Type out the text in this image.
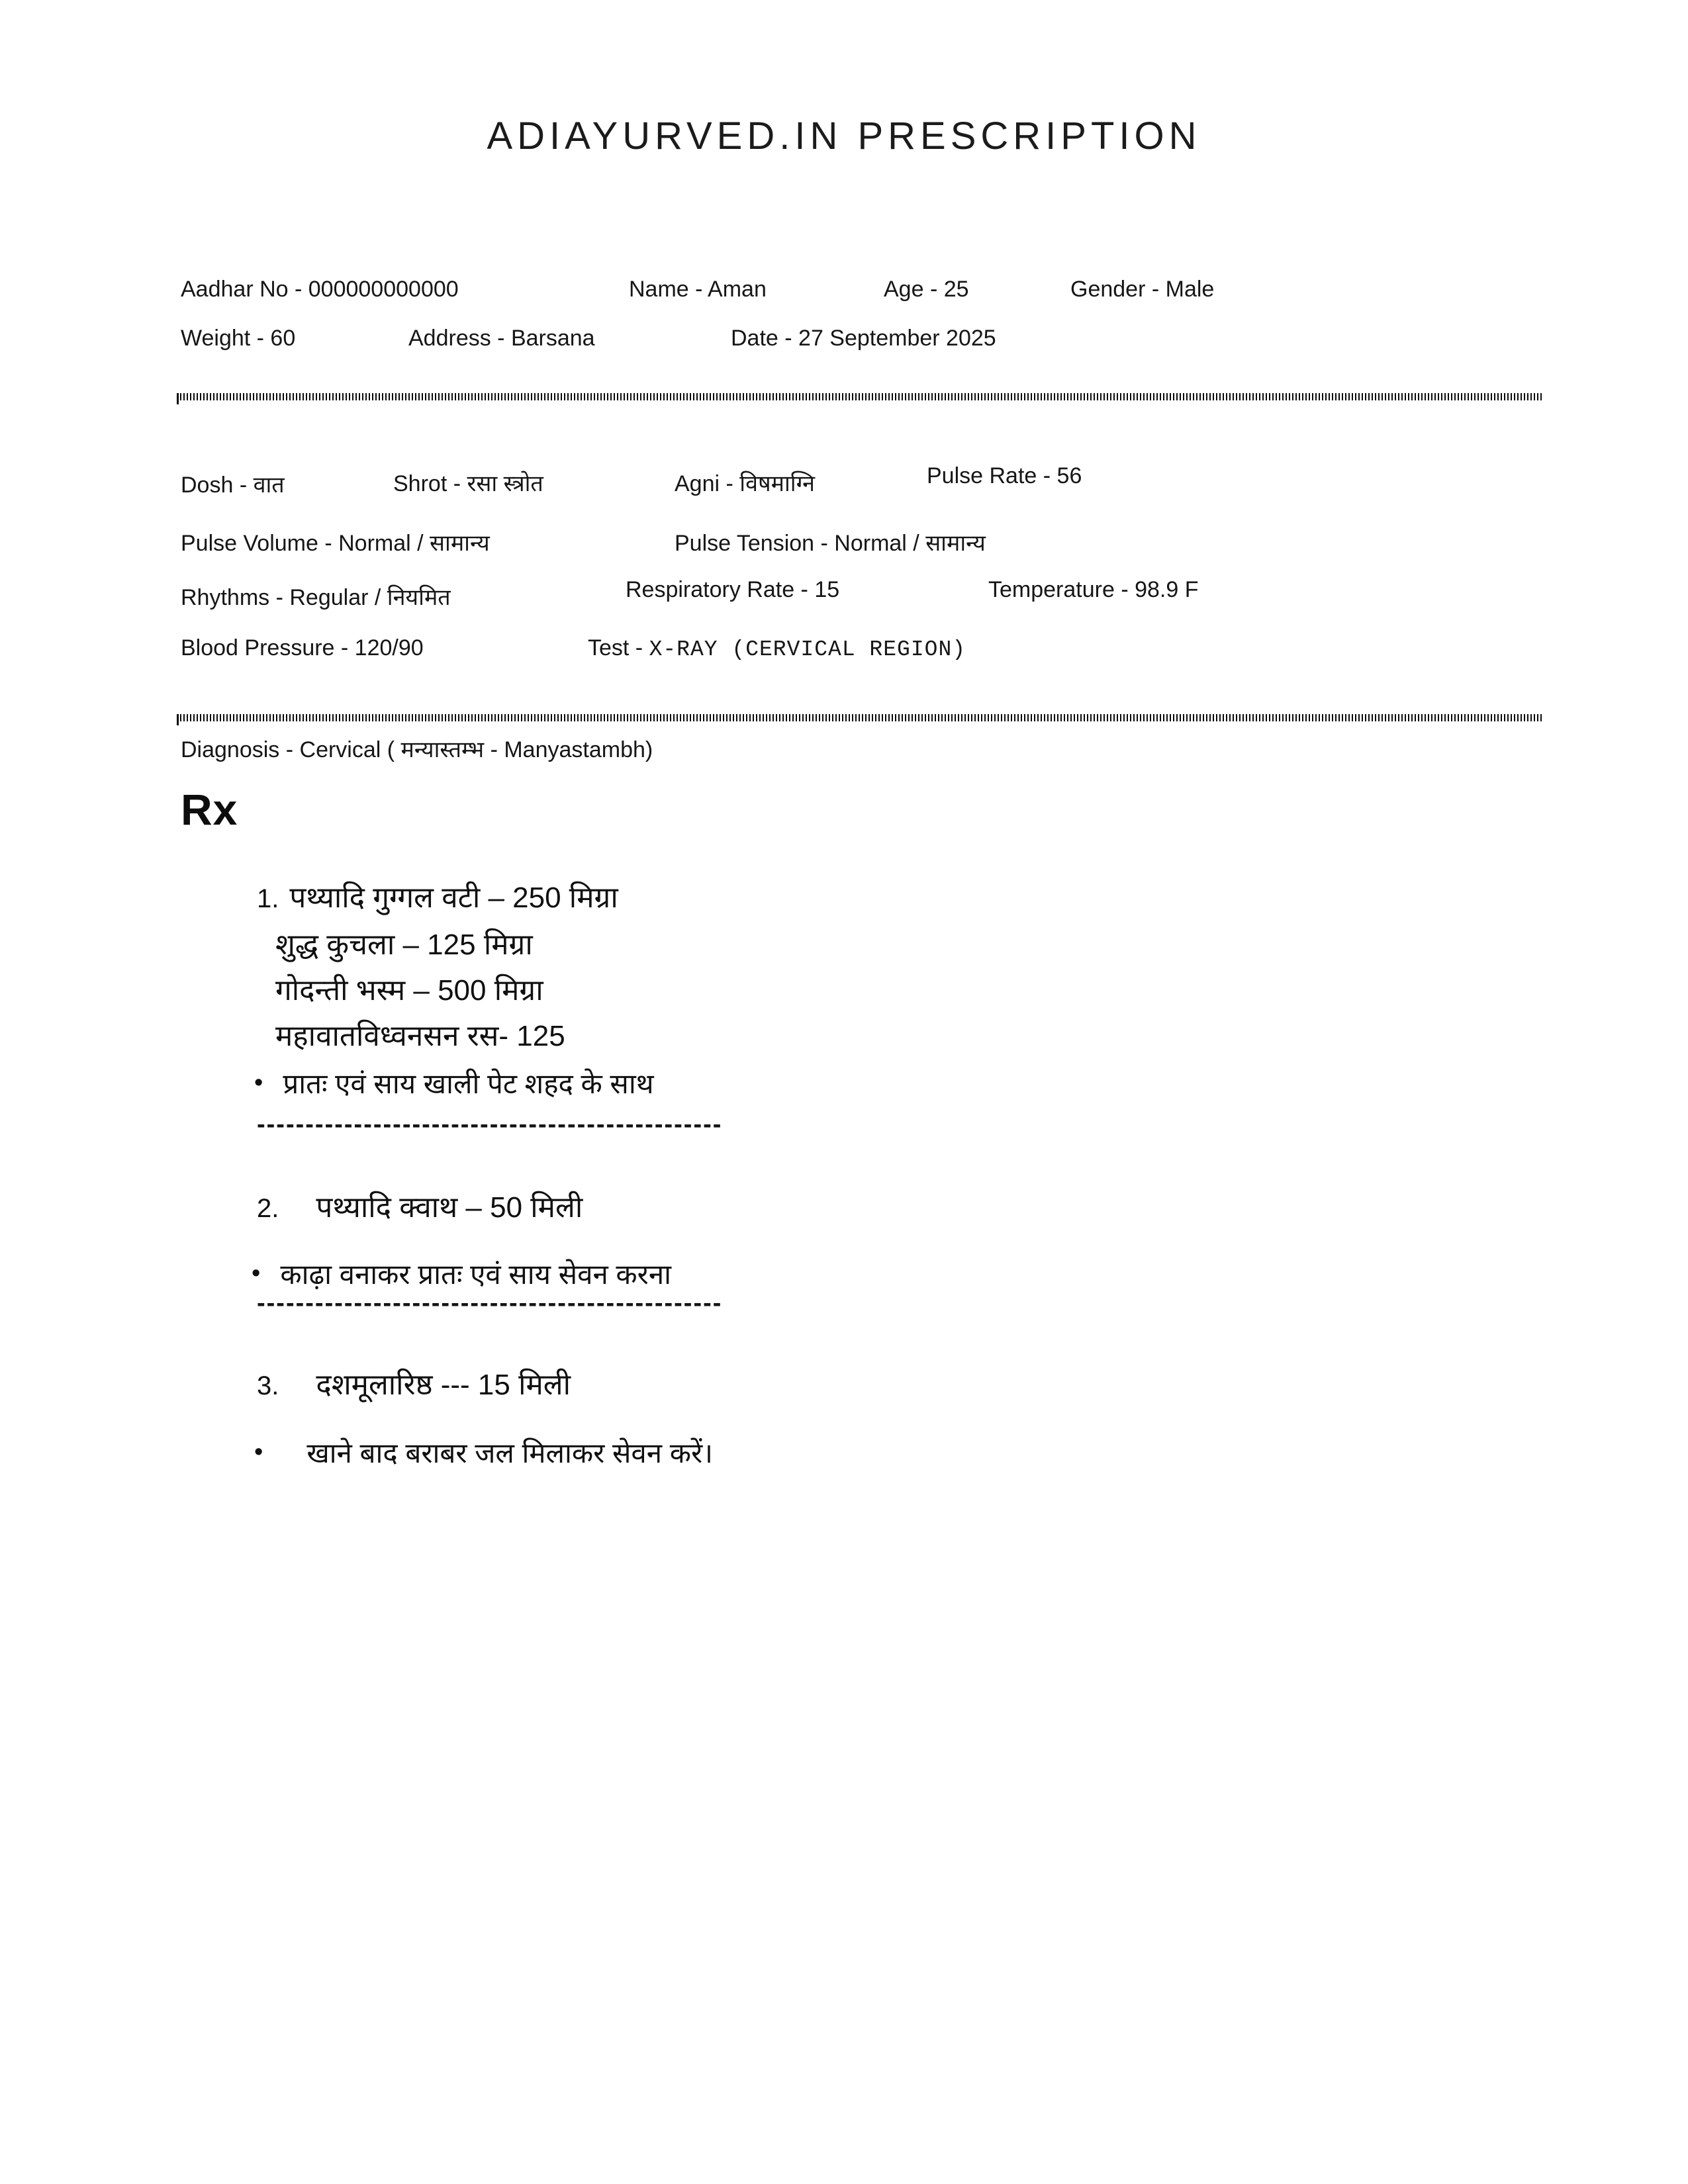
ADIAYURVED.IN PRESCRIPTION
Aadhar No - 000000000000	Name - Aman	Age - 25	Gender - Male
Weight - 60	Address - Barsana	Date - 27 September 2025
Dosh - वात	Shrot - रसा स्त्रोत	Agni - विषमाग्नि	Pulse Rate - 56
Pulse Volume - Normal / सामान्य	Pulse Tension - Normal / सामान्य
Rhythms - Regular / नियमित	Respiratory Rate - 15	Temperature - 98.9 F
Blood Pressure - 120/90	Test - X-RAY (CERVICAL REGION)
Diagnosis - Cervical ( मन्यास्तम्भ - Manyastambh)
Rx
1. पथ्यादि गुग्गल वटी – 250 मिग्रा
शुद्ध कुचला – 125 मिग्रा
गोदन्ती भस्म – 500 मिग्रा
महावातविध्वनसन रस- 125
• प्रातः एवं साय खाली पेट शहद के साथ
------------------------------------------------
2. पथ्यादि क्वाथ – 50 मिली
• काढ़ा वनाकर प्रातः एवं साय सेवन करना
------------------------------------------------
3. दशमूलारिष्ठ --- 15 मिली
• खाने बाद बराबर जल मिलाकर सेवन करें।
